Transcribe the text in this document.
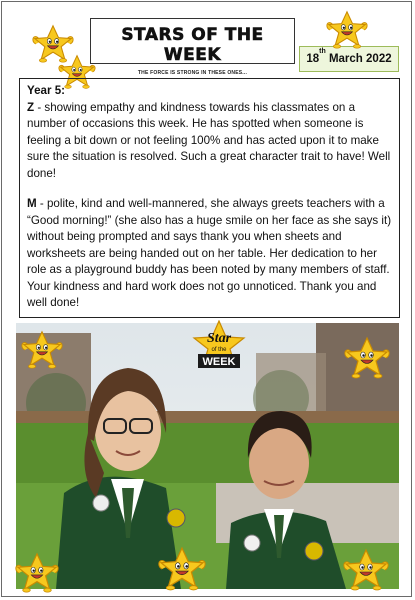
STARS OF THE WEEK
THE FORCE IS STRONG IN THESE ONES...
18th March 2022

Year 5:

Z - showing empathy and kindness towards his classmates on a number of occasions this week. He has spotted when someone is feeling a bit down or not feeling 100% and has acted upon it to make sure the situation is resolved. Such a great character trait to have! Well done!

M - polite, kind and well-mannered, she always greets teachers with a “Good morning!” (she also has a huge smile on her face as she says it) without being prompted and says thank you when sheets and worksheets are being handed out on her table. Her dedication to her role as a playground buddy has been noted by many members of staff. Your kindness and hard work does not go unnoticed. Thank you and well done!

Star
of the
WEEK
